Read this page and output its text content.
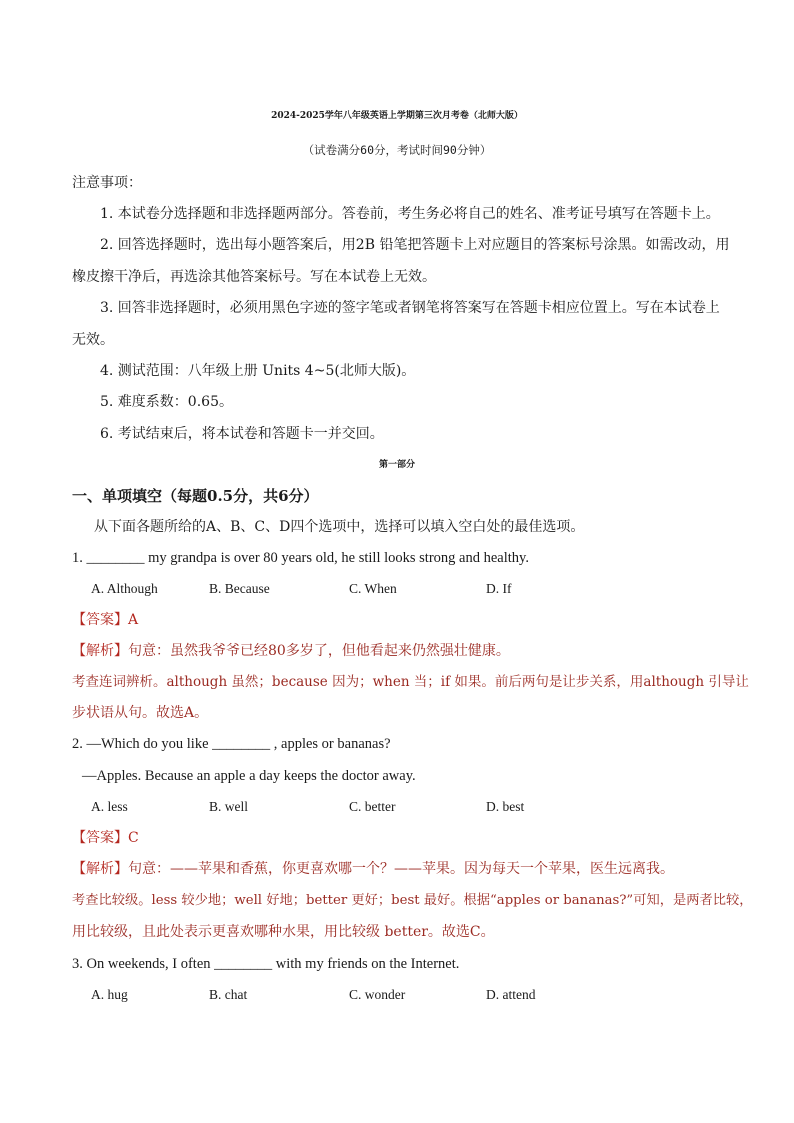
2024-2025学年八年级英语上学期第三次月考卷（北师大版）
（试卷满分60分，考试时间90分钟）
注意事项：
1. 本试卷分选择题和非选择题两部分。答卷前，考生务必将自己的姓名、准考证号填写在答题卡上。
2. 回答选择题时，选出每小题答案后，用2B 铅笔把答题卡上对应题目的答案标号涂黑。如需改动，用
橡皮擦干净后，再选涂其他答案标号。写在本试卷上无效。
3. 回答非选择题时，必须用黑色字迹的签字笔或者钢笔将答案写在答题卡相应位置上。写在本试卷上
无效。
4. 测试范围：八年级上册 Units 4~5(北师大版)。
5. 难度系数：0.65。
6. 考试结束后，将本试卷和答题卡一并交回。
第一部分
一、单项填空（每题0.5分，共6分）
从下面各题所给的A、B、C、D四个选项中，选择可以填入空白处的最佳选项。
1. ________ my grandpa is over 80 years old, he still looks strong and healthy.
A. Although	B. Because	C. When	D. If
【答案】A
【解析】句意：虽然我爷爷已经80多岁了，但他看起来仍然强壮健康。
考查连词辨析。although 虽然；because 因为；when 当；if 如果。前后两句是让步关系，用although 引导让
步状语从句。故选A。
2. —Which do you like ________ , apples or bananas?
—Apples. Because an apple a day keeps the doctor away.
A. less	B. well	C. better	D. best
【答案】C
【解析】句意：——苹果和香蕉，你更喜欢哪一个？——苹果。因为每天一个苹果，医生远离我。
考查比较级。less 较少地；well 好地；better 更好；best 最好。根据“apples or bananas?”可知，是两者比较，
用比较级，且此处表示更喜欢哪种水果，用比较级 better。故选C。
3. On weekends, I often ________ with my friends on the Internet.
A. hug	B. chat	C. wonder	D. attend
